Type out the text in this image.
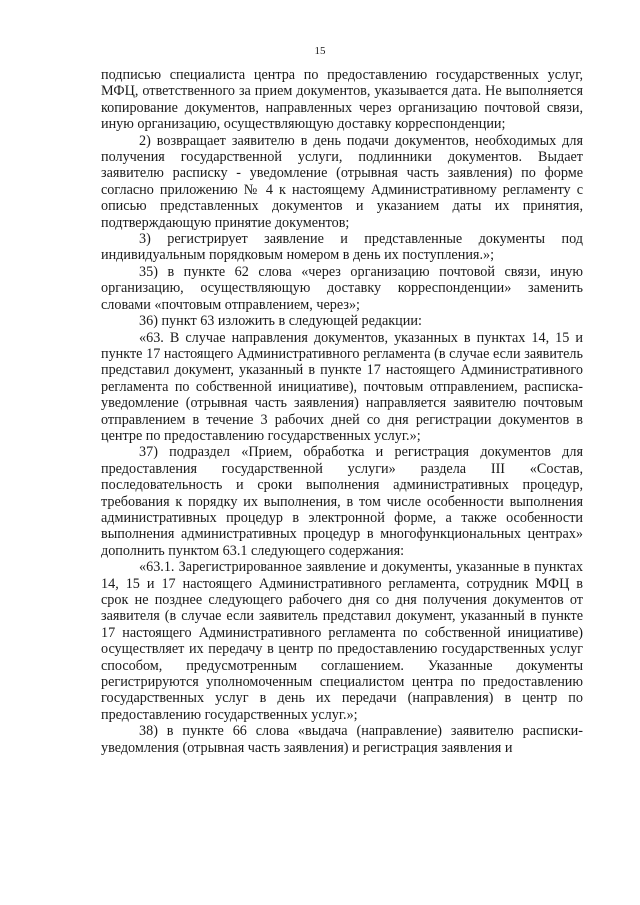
15

подписью специалиста центра по предоставлению государственных услуг, МФЦ, ответственного за прием документов, указывается дата. Не выполняется копирование документов, направленных через организацию почтовой связи, иную организацию, осуществляющую доставку корреспонденции;

2) возвращает заявителю в день подачи документов, необходимых для получения государственной услуги, подлинники документов. Выдает заявителю расписку - уведомление (отрывная часть заявления) по форме согласно приложению № 4 к настоящему Административному регламенту с описью представленных документов и указанием даты их принятия, подтверждающую принятие документов;

3) регистрирует заявление и представленные документы под индивидуальным порядковым номером в день их поступления.»;

35) в пункте 62 слова «через организацию почтовой связи, иную организацию, осуществляющую доставку корреспонденции» заменить словами «почтовым отправлением, через»;

36) пункт 63 изложить в следующей редакции:

«63. В случае направления документов, указанных в пунктах 14, 15 и пункте 17 настоящего Административного регламента (в случае если заявитель представил документ, указанный в пункте 17 настоящего Административного регламента по собственной инициативе), почтовым отправлением, расписка-уведомление (отрывная часть заявления) направляется заявителю почтовым отправлением в течение 3 рабочих дней со дня регистрации документов в центре по предоставлению государственных услуг.»;

37) подраздел «Прием, обработка и регистрация документов для предоставления государственной услуги» раздела III «Состав, последовательность и сроки выполнения административных процедур, требования к порядку их выполнения, в том числе особенности выполнения административных процедур в электронной форме, а также особенности выполнения административных процедур в многофункциональных центрах» дополнить пунктом 63.1 следующего содержания:

«63.1. Зарегистрированное заявление и документы, указанные в пунктах 14, 15 и 17 настоящего Административного регламента, сотрудник МФЦ в срок не позднее следующего рабочего дня со дня получения документов от заявителя (в случае если заявитель представил документ, указанный в пункте 17 настоящего Административного регламента по собственной инициативе) осуществляет их передачу в центр по предоставлению государственных услуг способом, предусмотренным соглашением. Указанные документы регистрируются уполномоченным специалистом центра по предоставлению государственных услуг в день их передачи (направления) в центр по предоставлению государственных услуг.»;

38) в пункте 66 слова «выдача (направление) заявителю расписки-уведомления (отрывная часть заявления) и регистрация заявления и
